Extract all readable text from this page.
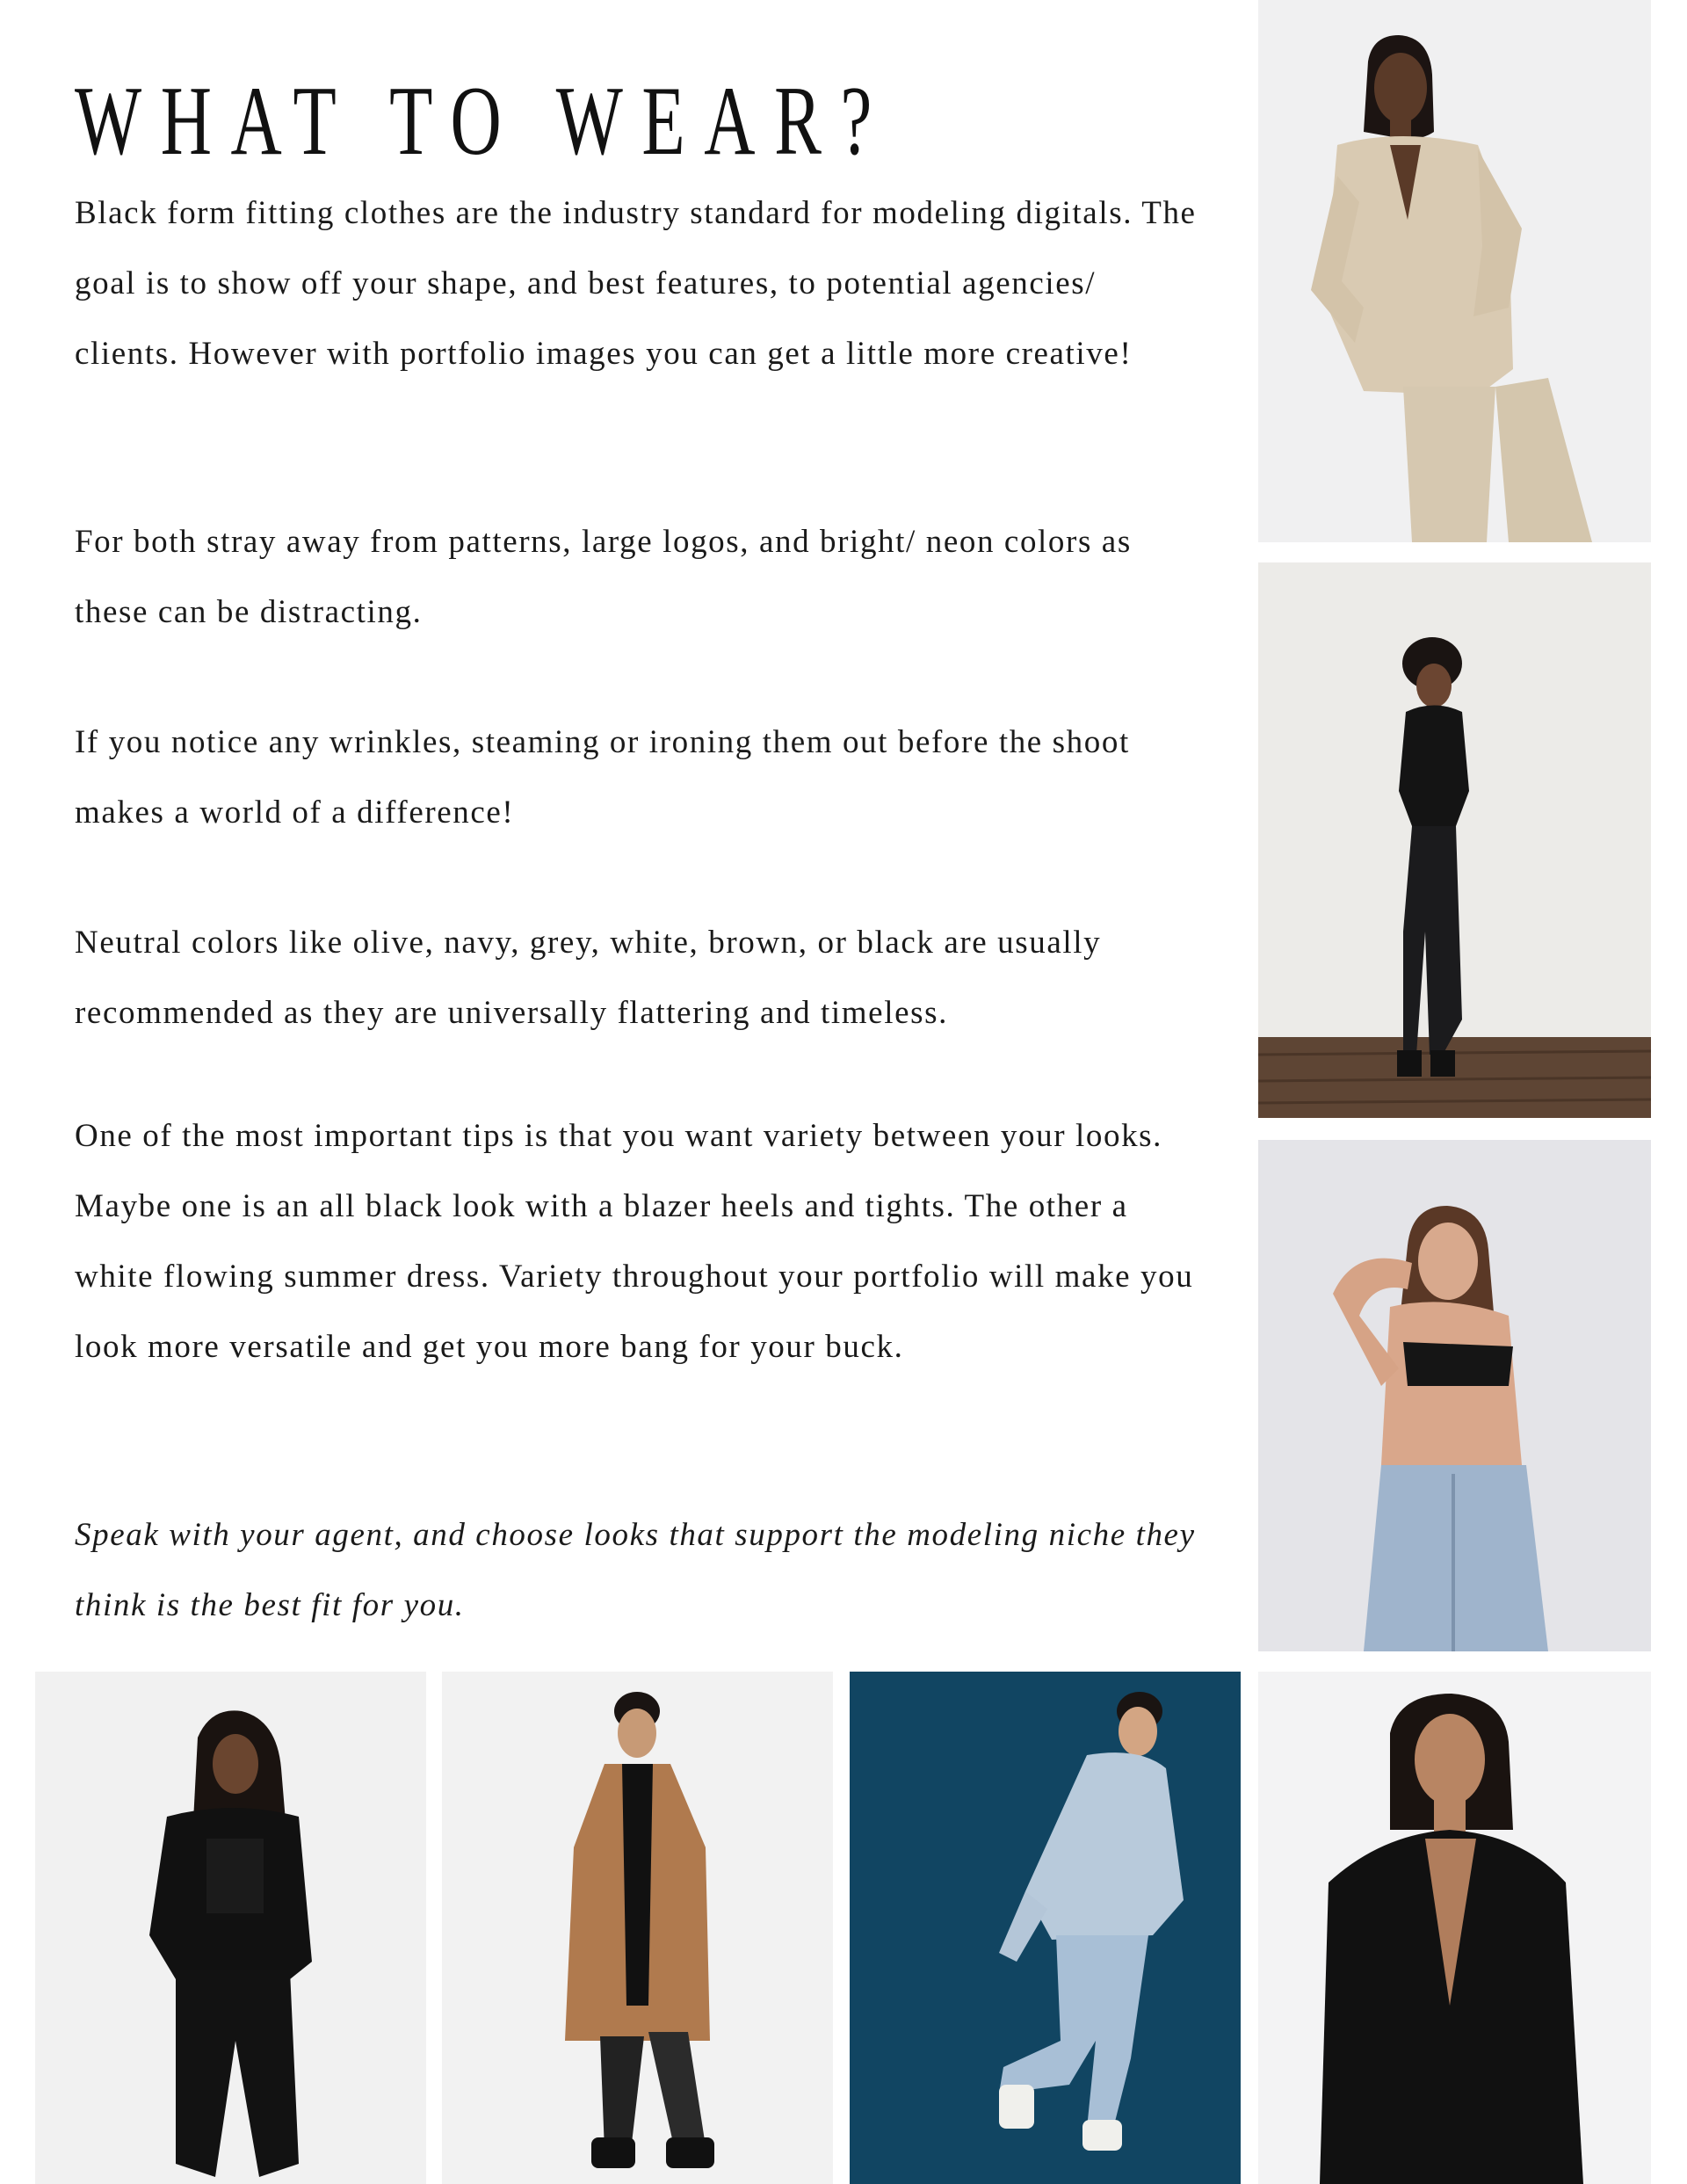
WHAT TO WEAR?

Black form fitting clothes are the industry standard for modeling digitals. The goal is to show off your shape, and best features, to potential agencies/ clients. However with portfolio images you can get a little more creative!

For both stray away from patterns, large logos, and bright/ neon colors as these can be distracting.

If you notice any wrinkles, steaming or ironing them out before the shoot makes a world of a difference!

Neutral colors like olive, navy, grey, white, brown, or black are usually recommended as they are universally flattering and timeless.

One of the most important tips is that you want variety between your looks. Maybe one is an all black look with a blazer heels and tights. The other a white flowing summer dress. Variety throughout your portfolio will make you look more versatile and get you more bang for your buck.

Speak with your agent, and choose looks that support the modeling niche they think is the best fit for you.
